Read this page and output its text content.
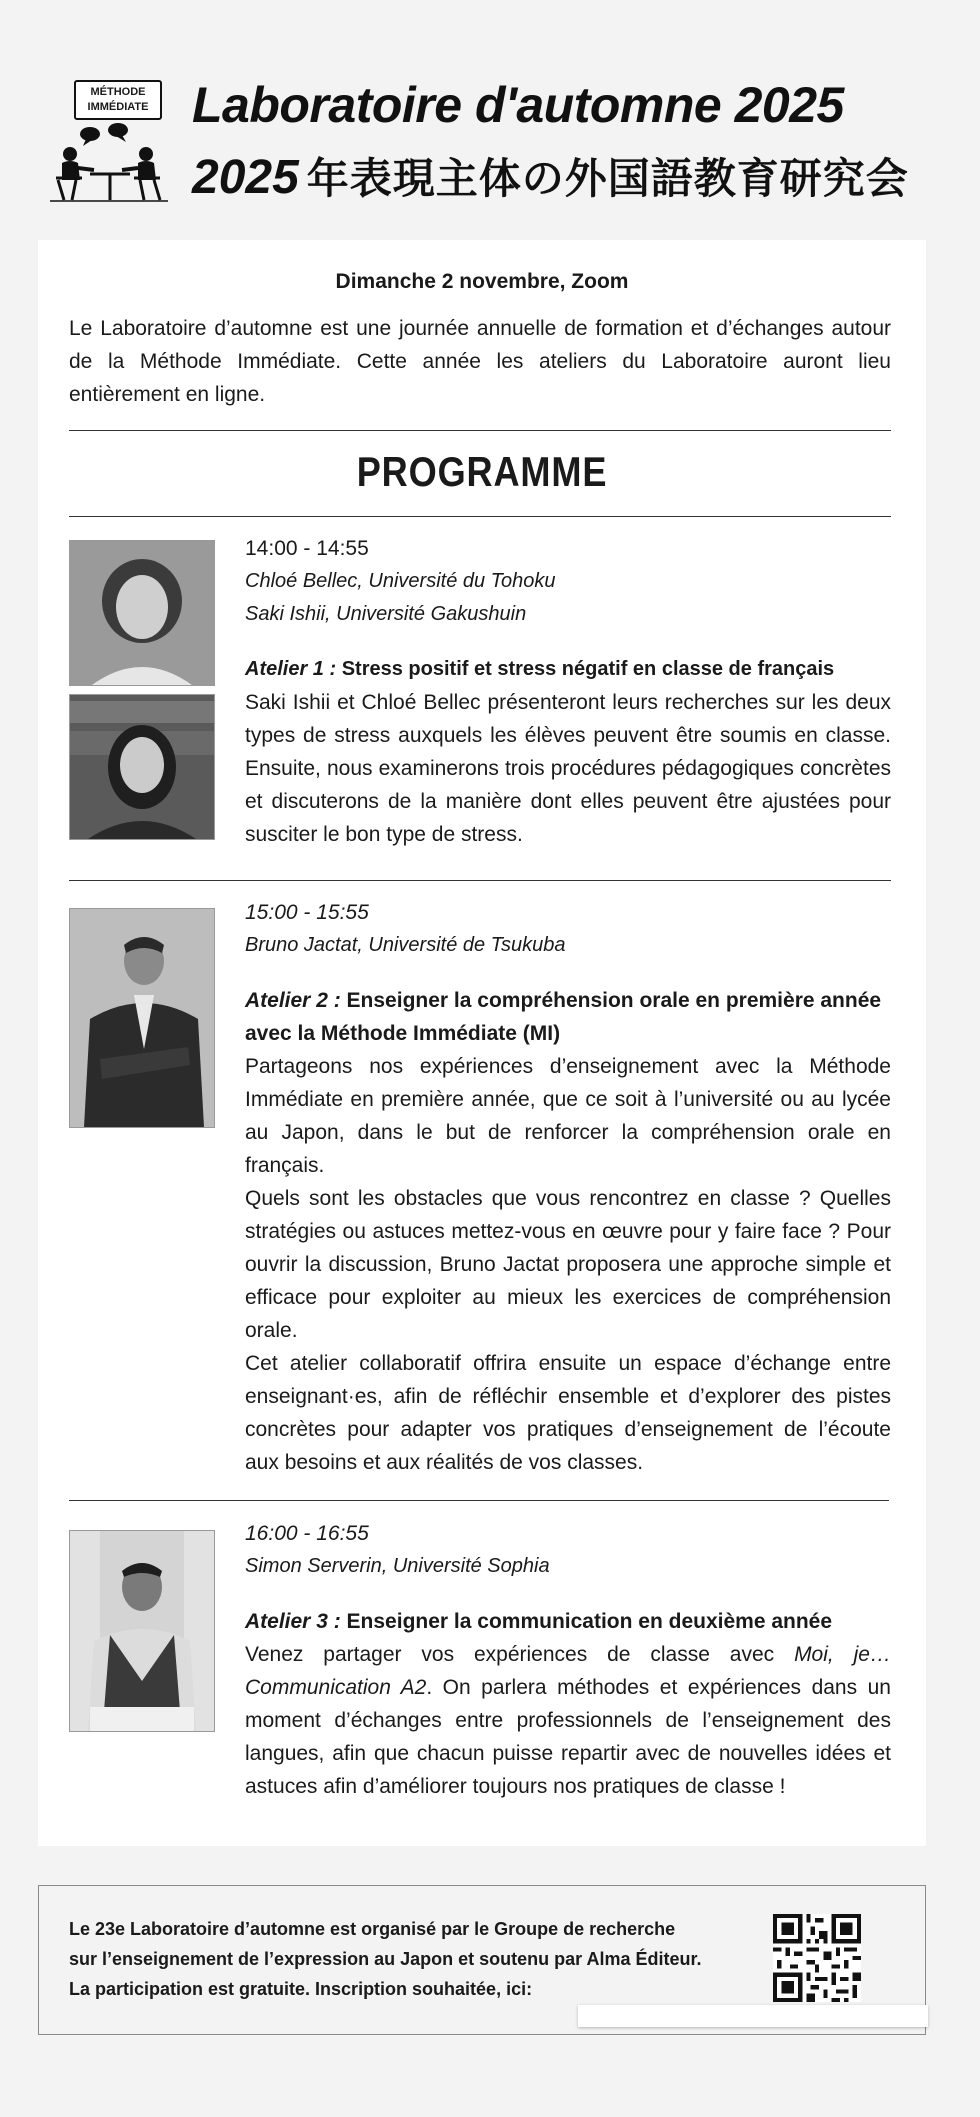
MÉTHODE
IMMÉDIATE Laboratoire d'automne 2025
2025 年表現主体の外国語教育研究会
Dimanche 2 novembre, Zoom
Le Laboratoire d’automne est une journée annuelle de formation et d’échanges autour de la Méthode Immédiate. Cette année les ateliers du Laboratoire auront lieu entièrement en ligne.
PROGRAMME
14:00 - 14:55
Chloé Bellec, Université du Tohoku
Saki Ishii, Université Gakushuin
Atelier 1 : Stress positif et stress négatif en classe de français
Saki Ishii et Chloé Bellec présenteront leurs recherches sur les deux types de stress auxquels les élèves peuvent être soumis en classe. Ensuite, nous examinerons trois procédures pédagogiques concrètes et discuterons de la manière dont elles peuvent être ajustées pour susciter le bon type de stress.
15:00 - 15:55
Bruno Jactat, Université de Tsukuba
Atelier 2 : Enseigner la compréhension orale en première année avec la Méthode Immédiate (MI)
Partageons nos expériences d’enseignement avec la Méthode Immédiate en première année, que ce soit à l’université ou au lycée au Japon, dans le but de renforcer la compréhension orale en français.
Quels sont les obstacles que vous rencontrez en classe ? Quelles stratégies ou astuces mettez-vous en œuvre pour y faire face ? Pour ouvrir la discussion, Bruno Jactat proposera une approche simple et efficace pour exploiter au mieux les exercices de compréhension orale.
Cet atelier collaboratif offrira ensuite un espace d’échange entre enseignant·es, afin de réfléchir ensemble et d’explorer des pistes concrètes pour adapter vos pratiques d’enseignement de l’écoute aux besoins et aux réalités de vos classes.
16:00 - 16:55
Simon Serverin, Université Sophia
Atelier 3 : Enseigner la communication en deuxième année
Venez partager vos expériences de classe avec Moi, je… Communication A2. On parlera méthodes et expériences dans un moment d’échanges entre professionnels de l’enseignement des langues, afin que chacun puisse repartir avec de nouvelles idées et astuces afin d’améliorer toujours nos pratiques de classe !
Le 23e Laboratoire d’automne est organisé par le Groupe de recherche
sur l’enseignement de l’expression au Japon et soutenu par Alma Éditeur.
La participation est gratuite. Inscription souhaitée, ici:
